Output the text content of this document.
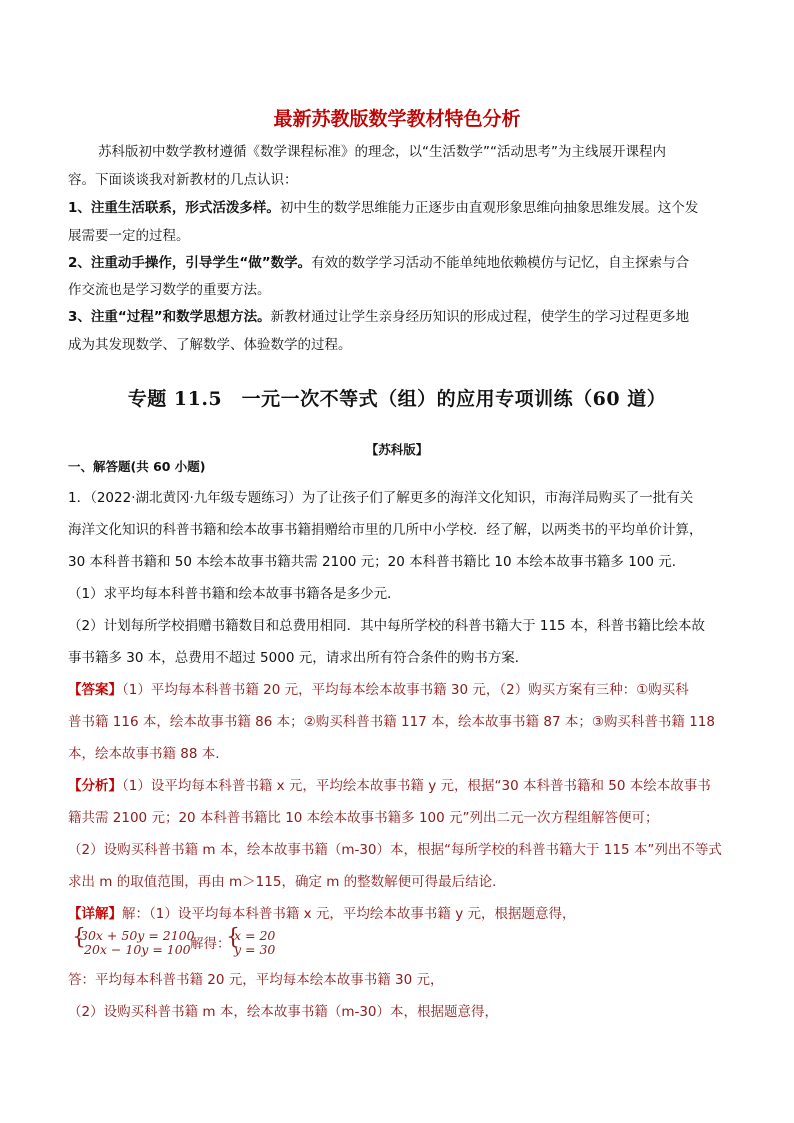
最新苏教版数学教材特色分析
苏科版初中数学教材遵循《数学课程标准》的理念，以“生活数学”“活动思考”为主线展开课程内
容。下面谈谈我对新教材的几点认识：
1、注重生活联系，形式活泼多样。初中生的数学思维能力正逐步由直观形象思维向抽象思维发展。这个发
展需要一定的过程。
2、注重动手操作，引导学生“做”数学。有效的数学学习活动不能单纯地依赖模仿与记忆，自主探索与合
作交流也是学习数学的重要方法。
3、注重“过程”和数学思想方法。新教材通过让学生亲身经历知识的形成过程，使学生的学习过程更多地
成为其发现数学、了解数学、体验数学的过程。
专题 11.5　一元一次不等式（组）的应用专项训练（60 道）
【苏科版】
一、解答题(共 60 小题)
1．（2022·湖北黄冈·九年级专题练习）为了让孩子们了解更多的海洋文化知识，市海洋局购买了一批有关
海洋文化知识的科普书籍和绘本故事书籍捐赠给市里的几所中小学校．经了解，以两类书的平均单价计算，
30 本科普书籍和 50 本绘本故事书籍共需 2100 元；20 本科普书籍比 10 本绘本故事书籍多 100 元．
（1）求平均每本科普书籍和绘本故事书籍各是多少元．
（2）计划每所学校捐赠书籍数目和总费用相同．其中每所学校的科普书籍大于 115 本，科普书籍比绘本故
事书籍多 30 本，总费用不超过 5000 元，请求出所有符合条件的购书方案．
【答案】（1）平均每本科普书籍 20 元，平均每本绘本故事书籍 30 元，（2）购买方案有三种：①购买科
普书籍 116 本，绘本故事书籍 86 本；②购买科普书籍 117 本，绘本故事书籍 87 本；③购买科普书籍 118
本，绘本故事书籍 88 本.
【分析】（1）设平均每本科普书籍 x 元，平均绘本故事书籍 y 元，根据“30 本科普书籍和 50 本绘本故事书
籍共需 2100 元；20 本科普书籍比 10 本绘本故事书籍多 100 元”列出二元一次方程组解答便可；
（2）设购买科普书籍 m 本，绘本故事书籍（m-30）本，根据“每所学校的科普书籍大于 115 本”列出不等式
求出 m 的取值范围，再由 m＞115，确定 m 的整数解便可得最后结论．
【详解】解：（1）设平均每本科普书籍 x 元，平均绘本故事书籍 y 元，根据题意得，
{
30x + 50y = 2100
20x − 10y = 100 解得：
{
x = 20
y = 30
答：平均每本科普书籍 20 元，平均每本绘本故事书籍 30 元，
（2）设购买科普书籍 m 本，绘本故事书籍（m-30）本，根据题意得，
